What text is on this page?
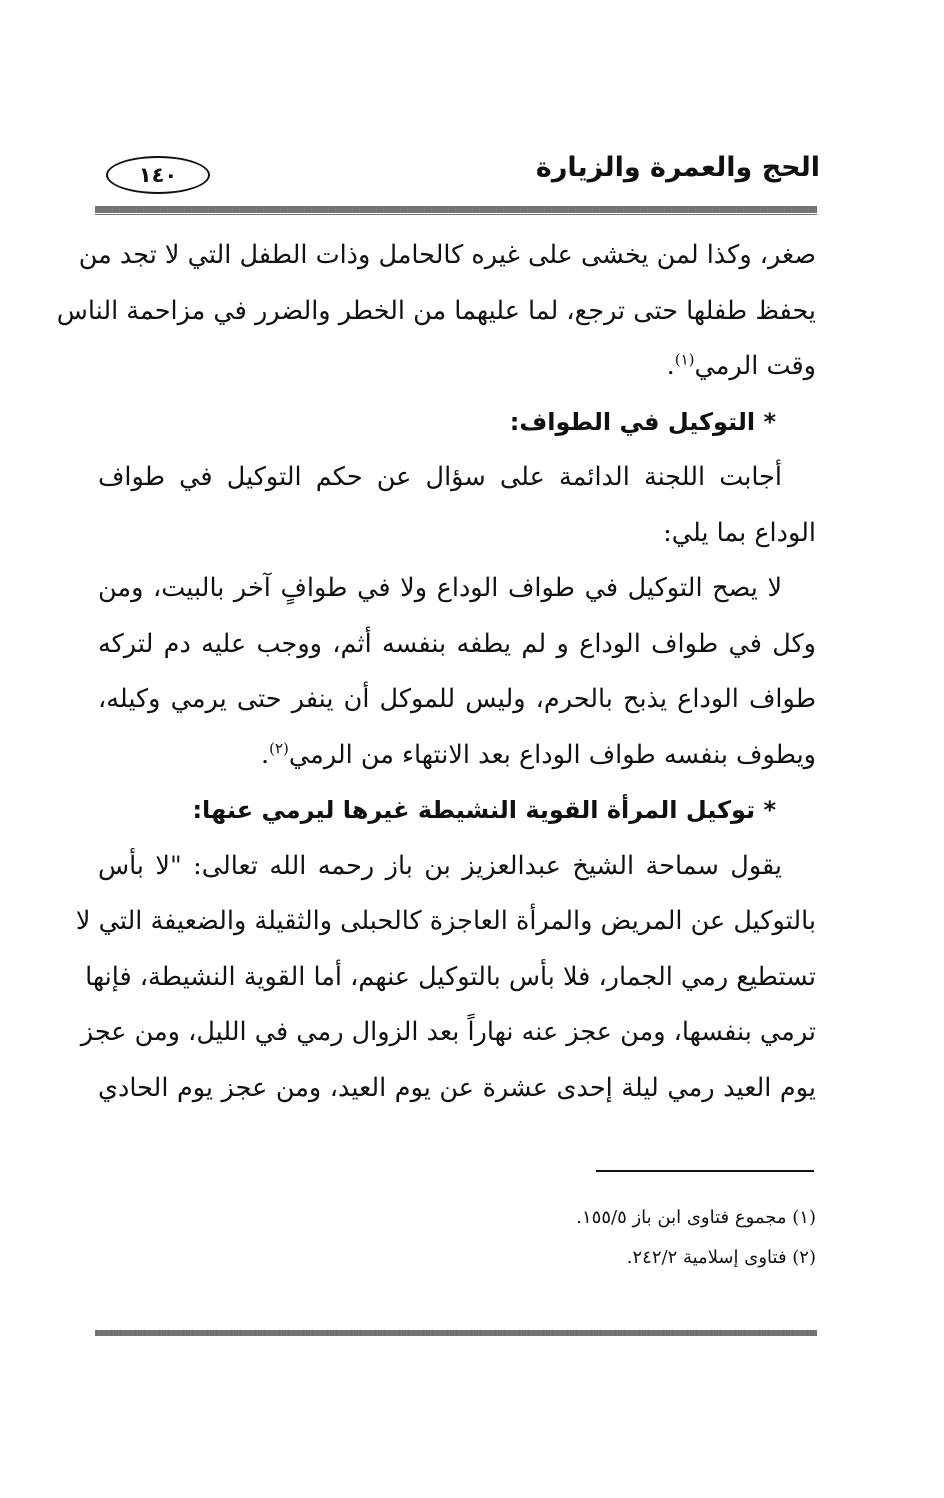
١٤٠	الحج والعمرة والزيارة
صغر، وكذا لمن يخشى على غيره كالحامل وذات الطفل التي لا تجد من
يحفظ طفلها حتى ترجع، لما عليهما من الخطر والضرر في مزاحمة الناس
وقت الرمي$^{(١)}$.
* التوكيل في الطواف:
أجابت اللجنة الدائمة على سؤال عن حكم التوكيل في طواف
الوداع بما يلي:
لا يصح التوكيل في طواف الوداع ولا في طوافٍ آخر بالبيت، ومن
وكل في طواف الوداع و لم يطفه بنفسه أثم، ووجب عليه دم لتركه
طواف الوداع يذبح بالحرم، وليس للموكل أن ينفر حتى يرمي وكيله،
ويطوف بنفسه طواف الوداع بعد الانتهاء من الرمي$^{(٢)}$.
* توكيل المرأة القوية النشيطة غيرها ليرمي عنها:
يقول سماحة الشيخ عبدالعزيز بن باز رحمه الله تعالى: "لا بأس
بالتوكيل عن المريض والمرأة العاجزة كالحبلى والثقيلة والضعيفة التي لا
تستطيع رمي الجمار، فلا بأس بالتوكيل عنهم، أما القوية النشيطة، فإنها
ترمي بنفسها، ومن عجز عنه نهاراً بعد الزوال رمي في الليل، ومن عجز
يوم العيد رمي ليلة إحدى عشرة عن يوم العيد، ومن عجز يوم الحادي
(١) مجموع فتاوى ابن باز ١٥٥/٥.
(٢) فتاوى إسلامية ٢٤٢/٢.
